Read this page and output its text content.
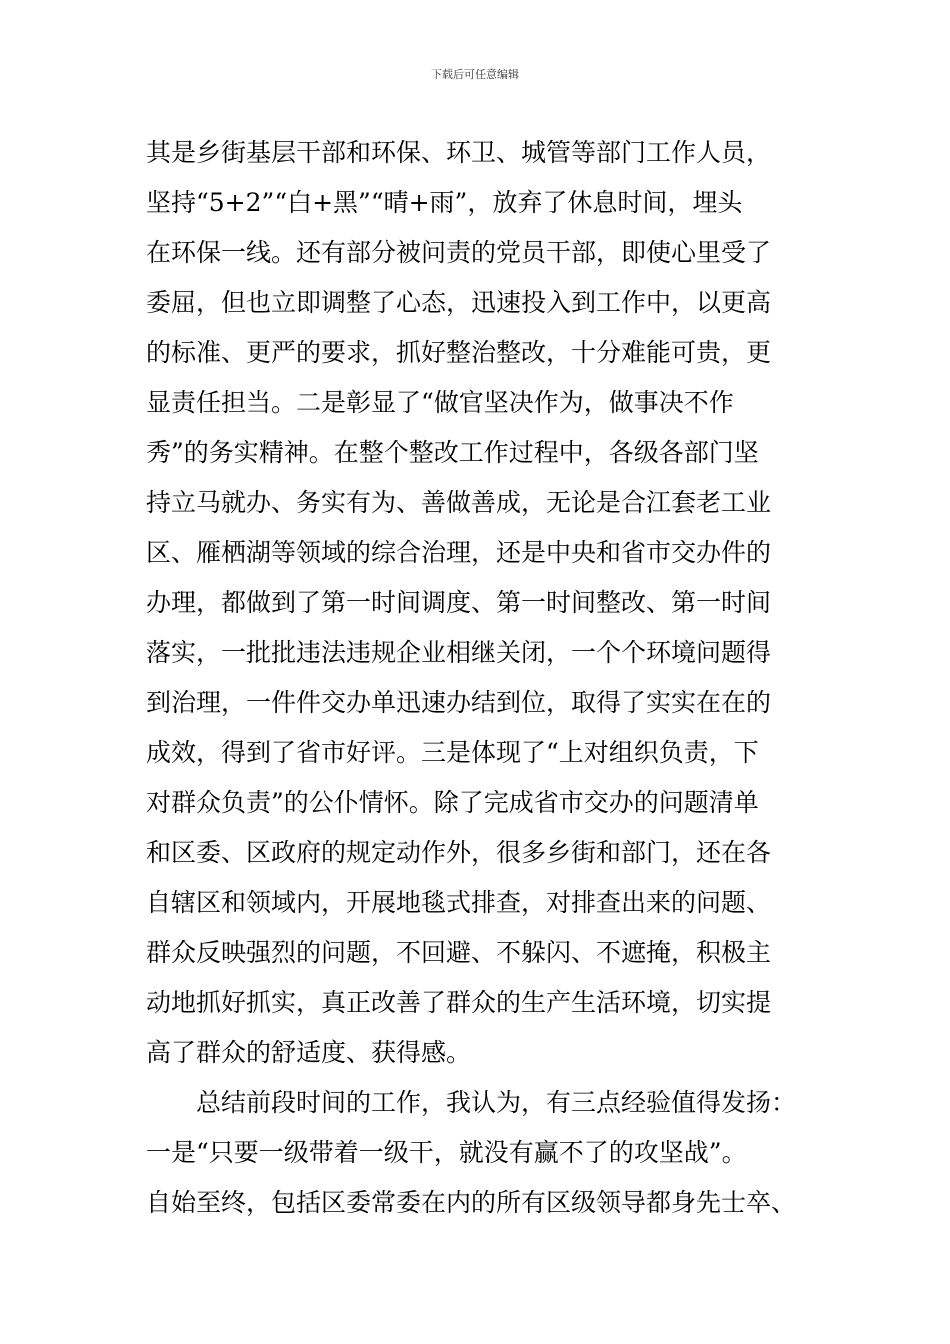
下载后可任意编辑
其是乡街基层干部和环保、环卫、城管等部门工作人员，
坚持“5+2”“白+黑”“晴+雨”，放弃了休息时间，埋头
在环保一线。还有部分被问责的党员干部，即使心里受了
委屈，但也立即调整了心态，迅速投入到工作中，以更高
的标准、更严的要求，抓好整治整改，十分难能可贵，更
显责任担当。二是彰显了“做官坚决作为，做事决不作
秀”的务实精神。在整个整改工作过程中，各级各部门坚
持立马就办、务实有为、善做善成，无论是合江套老工业
区、雁栖湖等领域的综合治理，还是中央和省市交办件的
办理，都做到了第一时间调度、第一时间整改、第一时间
落实，一批批违法违规企业相继关闭，一个个环境问题得
到治理，一件件交办单迅速办结到位，取得了实实在在的
成效，得到了省市好评。三是体现了“上对组织负责，下
对群众负责”的公仆情怀。除了完成省市交办的问题清单
和区委、区政府的规定动作外，很多乡街和部门，还在各
自辖区和领域内，开展地毯式排查，对排查出来的问题、
群众反映强烈的问题，不回避、不躲闪、不遮掩，积极主
动地抓好抓实，真正改善了群众的生产生活环境，切实提
高了群众的舒适度、获得感。
总结前段时间的工作，我认为，有三点经验值得发扬：
一是“只要一级带着一级干，就没有赢不了的攻坚战”。
自始至终，包括区委常委在内的所有区级领导都身先士卒、
